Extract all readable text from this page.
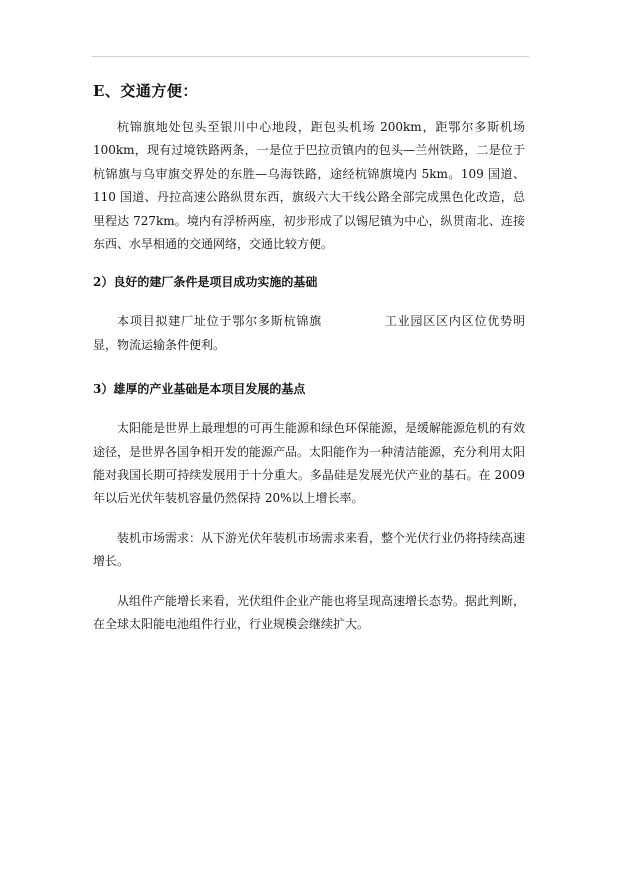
E、交通方便：

杭锦旗地处包头至银川中心地段，距包头机场 200km，距鄂尔多斯机场 100km，现有过境铁路两条，一是位于巴拉贡镇内的包头—兰州铁路，二是位于杭锦旗与乌审旗交界处的东胜—乌海铁路，途经杭锦旗境内 5km。109 国道、110 国道、丹拉高速公路纵贯东西，旗级六大干线公路全部完成黑色化改造，总里程达 727km。境内有浮桥两座，初步形成了以锡尼镇为中心，纵贯南北、连接东西、水旱相通的交通网络，交通比较方便。

2）良好的建厂条件是项目成功实施的基础

本项目拟建厂址位于鄂尔多斯杭锦旗	工业园区区内区位优势明显，物流运输条件便利。

3）雄厚的产业基础是本项目发展的基点

太阳能是世界上最理想的可再生能源和绿色环保能源，是缓解能源危机的有效途径，是世界各国争相开发的能源产品。太阳能作为一种清洁能源，充分利用太阳能对我国长期可持续发展用于十分重大。多晶硅是发展光伏产业的基石。在 2009 年以后光伏年装机容量仍然保持 20%以上增长率。

装机市场需求：从下游光伏年装机市场需求来看，整个光伏行业仍将持续高速增长。

从组件产能增长来看，光伏组件企业产能也将呈现高速增长态势。据此判断，在全球太阳能电池组件行业，行业规模会继续扩大。
